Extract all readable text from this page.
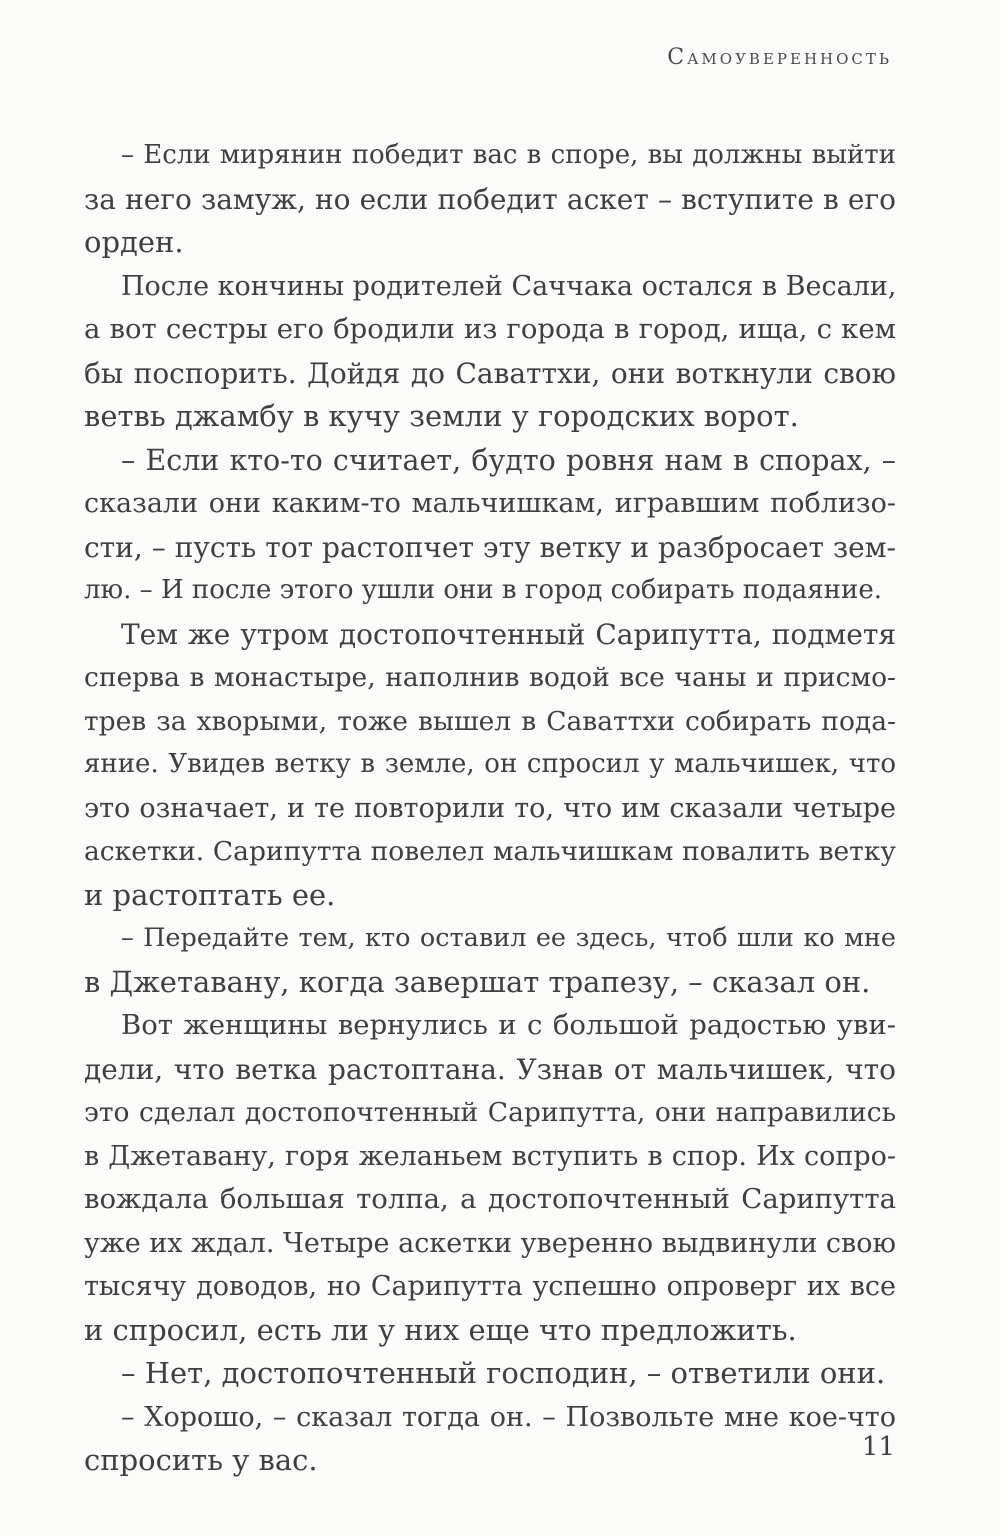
Самоуверенность
– Если мирянин победит вас в споре, вы должны выйти
за него замуж, но если победит аскет – вступите в его
орден.
После кончины родителей Саччака остался в Весали,
а вот сестры его бродили из города в город, ища, с кем
бы поспорить. Дойдя до Саваттхи, они воткнули свою
ветвь джамбу в кучу земли у городских ворот.
– Если кто-то считает, будто ровня нам в спорах, –
сказали они каким-то мальчишкам, игравшим поблизо-
сти, – пусть тот растопчет эту ветку и разбросает зем-
лю. – И после этого ушли они в город собирать подаяние.
Тем же утром достопочтенный Сарипутта, подметя
сперва в монастыре, наполнив водой все чаны и присмо-
трев за хворыми, тоже вышел в Саваттхи собирать пода-
яние. Увидев ветку в земле, он спросил у мальчишек, что
это означает, и те повторили то, что им сказали четыре
аскетки. Сарипутта повелел мальчишкам повалить ветку
и растоптать ее.
– Передайте тем, кто оставил ее здесь, чтоб шли ко мне
в Джетавану, когда завершат трапезу, – сказал он.
Вот женщины вернулись и с большой радостью уви-
дели, что ветка растоптана. Узнав от мальчишек, что
это сделал достопочтенный Сарипутта, они направились
в Джетавану, горя желаньем вступить в спор. Их сопро-
вождала большая толпа, а достопочтенный Сарипутта
уже их ждал. Четыре аскетки уверенно выдвинули свою
тысячу доводов, но Сарипутта успешно опроверг их все
и спросил, есть ли у них еще что предложить.
– Нет, достопочтенный господин, – ответили они.
– Хорошо, – сказал тогда он. – Позвольте мне кое-что
спросить у вас.	11
